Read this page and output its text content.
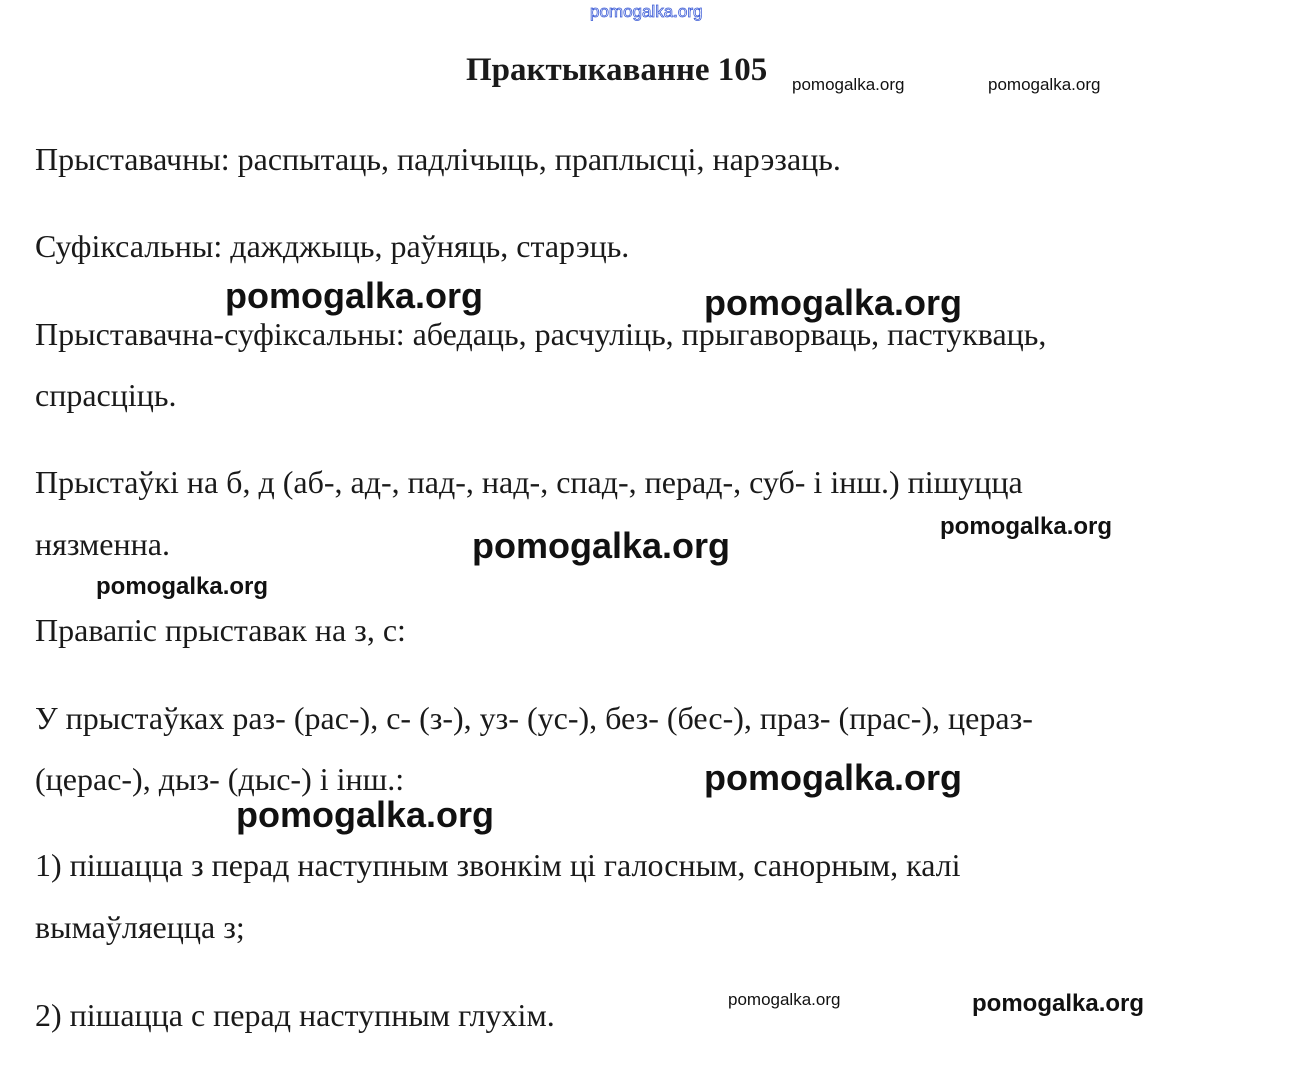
pomogalka.org
Практыкаванне 105 pomogalka.org	pomogalka.org
Прыставачны: распытаць, падлічыць, праплысці, нарэзаць.
Суфіксальны: дажджыць, раўняць, старэць.
pomogalka.org	pomogalka.org
Прыставачна-суфіксальны: абедаць, расчуліць, прыгаворваць, пастукваць,
спрасціць.
Прыстаўкі на б, д (аб-, ад-, пад-, над-, спад-, перад-, суб- і інш.) пішуцца
pomogalka.org
нязменна.	pomogalka.org
pomogalka.org
Правапіс прыставак на з, с:
У прыстаўках раз- (рас-), с- (з-), уз- (ус-), без- (бес-), праз- (прас-), цераз-
(церас-), дыз- (дыс-) і інш.:	pomogalka.org
pomogalka.org
1) пішацца з перад наступным звонкім ці галосным, санорным, калі
вымаўляецца з;
pomogalka.org	pomogalka.org
2) пішацца с перад наступным глухім.
